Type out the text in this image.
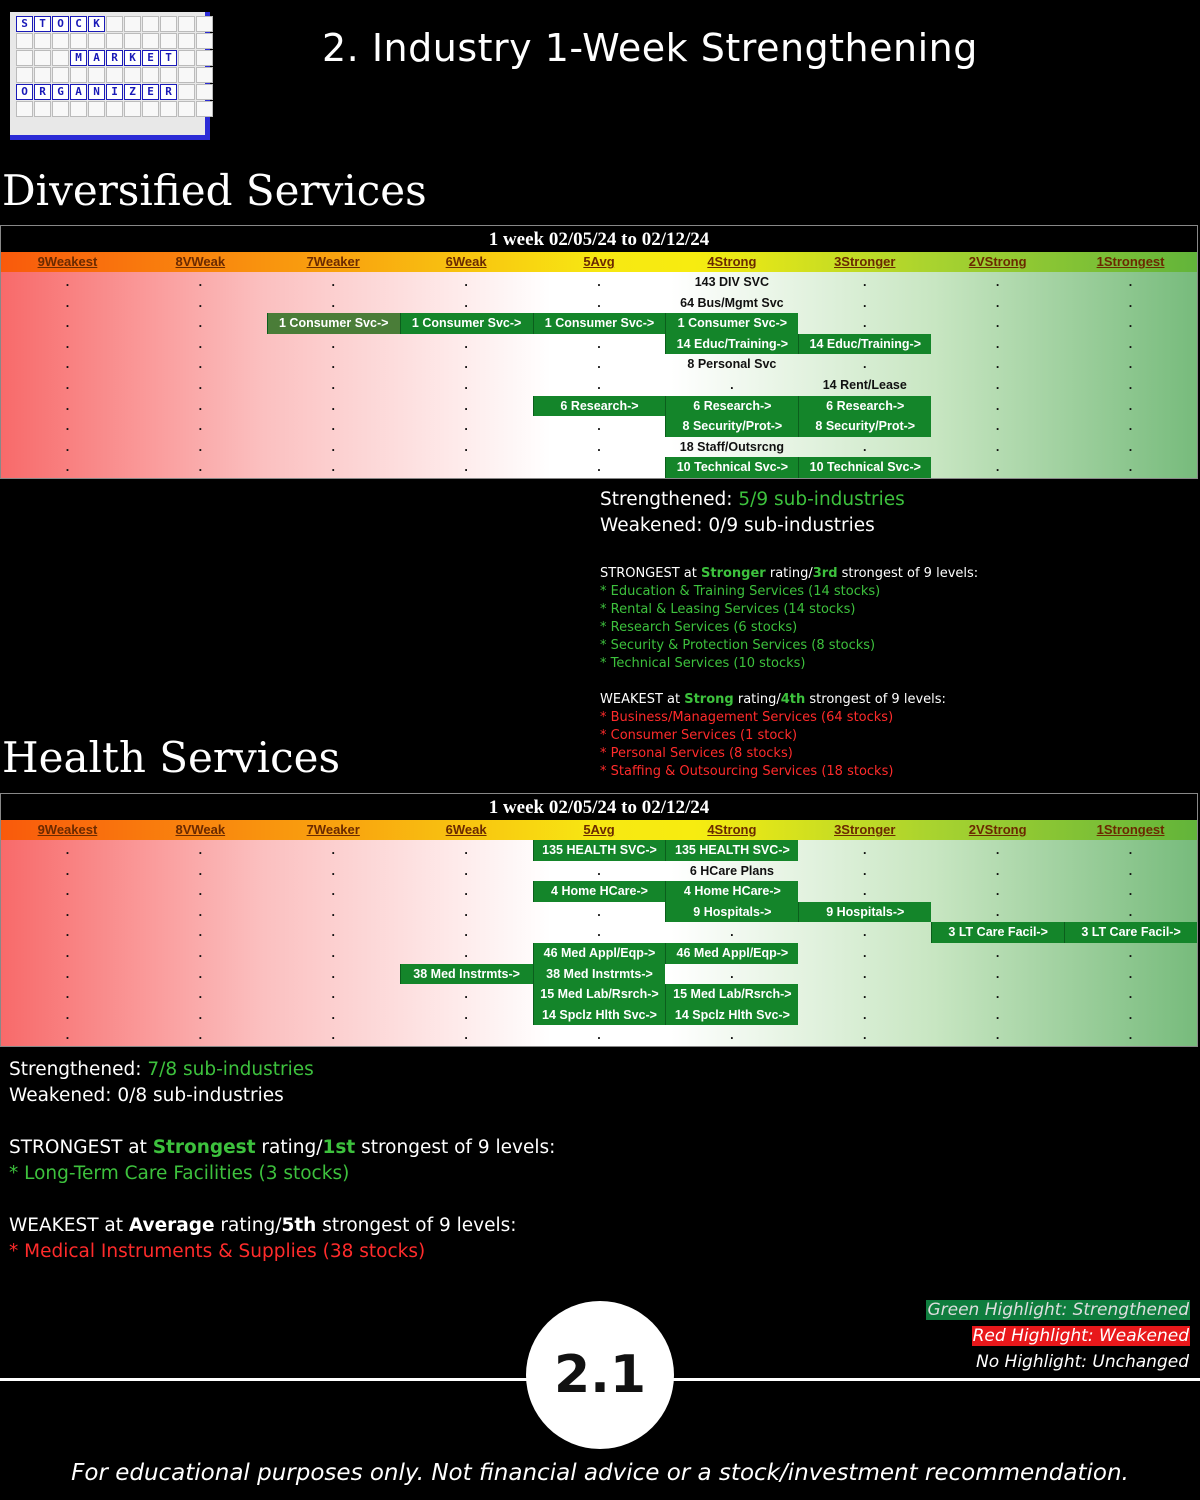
S	T	O	C	K
M	A	R	K	E	T
O	R	G	A	N	I	Z	E	R
2. Industry 1-Week Strengthening
Diversified Services
1 week 02/05/24 to 02/12/24
9Weakest	8VWeak	7Weaker	6Weak	5Avg	4Strong	3Stronger	2VStrong	1Strongest
.	.	.	.	.	143 DIV SVC	.	.	.
.	.	.	.	.	64 Bus/Mgmt Svc	.	.	.
.	.	1 Consumer Svc->	1 Consumer Svc->	1 Consumer Svc->	1 Consumer Svc->	.	.	.
.	.	.	.	.	14 Educ/Training->	14 Educ/Training->	.	.
.	.	.	.	.	8 Personal Svc	.	.	.
.	.	.	.	.	.	14 Rent/Lease	.	.
.	.	.	.	6 Research->	6 Research->	6 Research->	.	.
.	.	.	.	.	8 Security/Prot->	8 Security/Prot->	.	.
.	.	.	.	.	18 Staff/Outsrcng	.	.	.
.	.	.	.	.	10 Technical Svc->	10 Technical Svc->	.	.
Strengthened: 5/9 sub-industries
Weakened: 0/9 sub-industries
STRONGEST at Stronger rating/3rd strongest of 9 levels:
* Education & Training Services (14 stocks)
* Rental & Leasing Services (14 stocks)
* Research Services (6 stocks)
* Security & Protection Services (8 stocks)
* Technical Services (10 stocks)
WEAKEST at Strong rating/4th strongest of 9 levels:
* Business/Management Services (64 stocks)
* Consumer Services (1 stock)
* Personal Services (8 stocks)
* Staffing & Outsourcing Services (18 stocks)
Health Services
1 week 02/05/24 to 02/12/24
9Weakest	8VWeak	7Weaker	6Weak	5Avg	4Strong	3Stronger	2VStrong	1Strongest
.	.	.	.	135 HEALTH SVC->	135 HEALTH SVC->	.	.	.
.	.	.	.	.	6 HCare Plans	.	.	.
.	.	.	.	4 Home HCare->	4 Home HCare->	.	.	.
.	.	.	.	.	9 Hospitals->	9 Hospitals->	.	.
.	.	.	.	.	.	.	3 LT Care Facil->	3 LT Care Facil->
.	.	.	.	46 Med Appl/Eqp->	46 Med Appl/Eqp->	.	.	.
.	.	.	38 Med Instrmts->	38 Med Instrmts->	.	.	.	.
.	.	.	.	15 Med Lab/Rsrch->	15 Med Lab/Rsrch->	.	.	.
.	.	.	.	14 Spclz Hlth Svc->	14 Spclz Hlth Svc->	.	.	.
.	.	.	.	.	.	.	.	.
Strengthened: 7/8 sub-industries
Weakened: 0/8 sub-industries
STRONGEST at Strongest rating/1st strongest of 9 levels:
* Long-Term Care Facilities (3 stocks)
WEAKEST at Average rating/5th strongest of 9 levels:
* Medical Instruments & Supplies (38 stocks)
Green Highlight: Strengthened
Red Highlight: Weakened
No Highlight: Unchanged
2.1
For educational purposes only. Not financial advice or a stock/investment recommendation.
